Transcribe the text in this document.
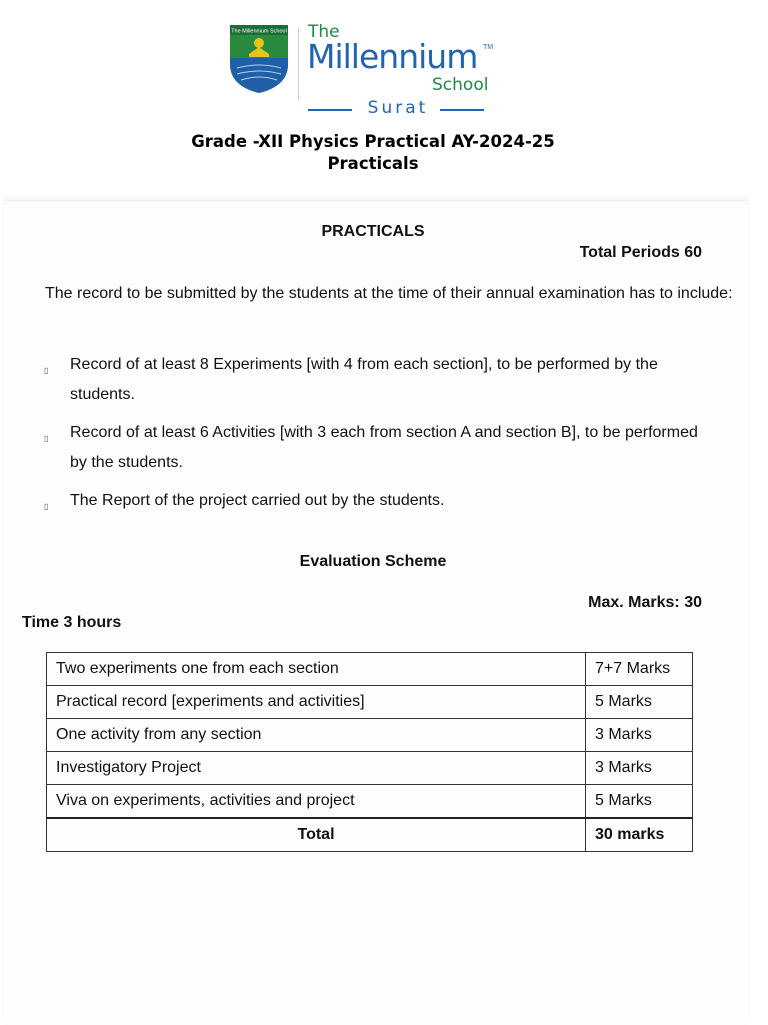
The Millennium School The
Millennium TM
School
Surat
Grade -XII Physics Practical AY-2024-25
Practicals
PRACTICALS
Total Periods 60
The record to be submitted by the students at the time of their annual examination has to include:
▯ Record of at least 8 Experiments [with 4 from each section], to be performed by the students.
▯ Record of at least 6 Activities [with 3 each from section A and section B], to be performed by the students.
▯ The Report of the project carried out by the students.
Evaluation Scheme
Max. Marks: 30
Time 3 hours
Two experiments one from each section	7+7 Marks
Practical record [experiments and activities]	5 Marks
One activity from any section	3 Marks
Investigatory Project	3 Marks
Viva on experiments, activities and project	5 Marks
Total	30 marks
